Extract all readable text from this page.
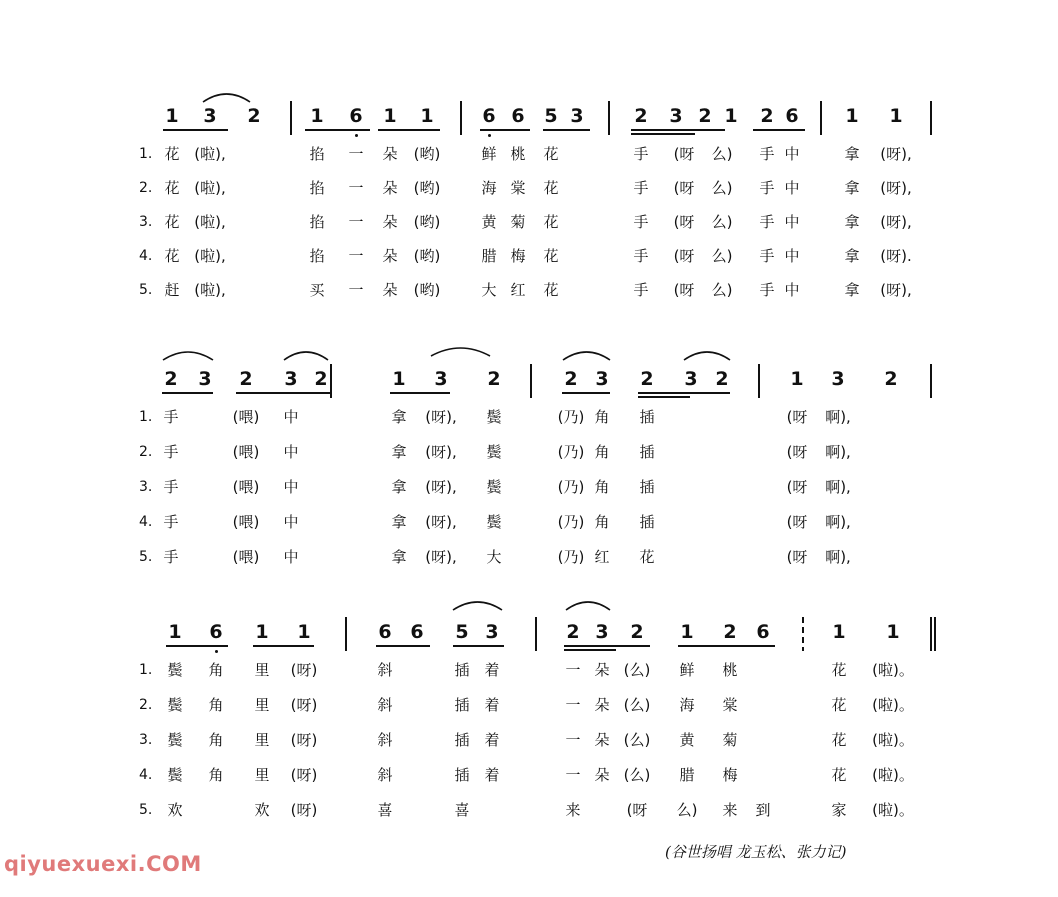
1 3 2	1 6 1 1	6 6 5 3	2 3 2 1 2 6 1 1
1. 花 (啦),	掐 一 朵 (哟)	鲜 桃 花	手 (呀 么) 手 中	拿 (呀),
2. 花 (啦),	掐 一 朵 (哟)	海 棠 花	手 (呀 么) 手 中	拿 (呀),
3. 花 (啦),	掐 一 朵 (哟)	黄 菊 花	手 (呀 么) 手 中	拿 (呀),
4. 花 (啦),	掐 一 朵 (哟)	腊 梅 花	手 (呀 么) 手 中	拿 (呀).
5. 赶 (啦),	买 一 朵 (哟)	大 红 花	手 (呀 么) 手 中	拿 (呀),
2 3 2 3 2	1 3 2	2 3 2 3 2	1 3 2
1. 手	(喂) 中	拿 (呀), 鬓	(乃) 角 插	(呀 啊),
2. 手	(喂) 中	拿 (呀), 鬓	(乃) 角 插	(呀 啊),
3. 手	(喂) 中	拿 (呀), 鬓	(乃) 角 插	(呀 啊),
4. 手	(喂) 中	拿 (呀), 鬓	(乃) 角 插	(呀 啊),
5. 手	(喂) 中	拿 (呀), 大	(乃) 红 花	(呀 啊),
1 6 1 1	6 6 5 3	2 3 2 1 2 6	1 1
1. 鬓 角 里 (呀)	斜	插 着	一 朵 (么) 鲜 桃	花 (啦)。
2. 鬓 角 里 (呀)	斜	插 着	一 朵 (么) 海 棠	花 (啦)。
3. 鬓 角 里 (呀)	斜	插 着	一 朵 (么) 黄 菊	花 (啦)。
4. 鬓 角 里 (呀)	斜	插 着	一 朵 (么) 腊 梅	花 (啦)。
5. 欢	欢 (呀)	喜	喜	来	(呀 么) 来 到	家 (啦)。
(谷世扬唱 龙玉松、张力记)
qiyuexuexi.COM
